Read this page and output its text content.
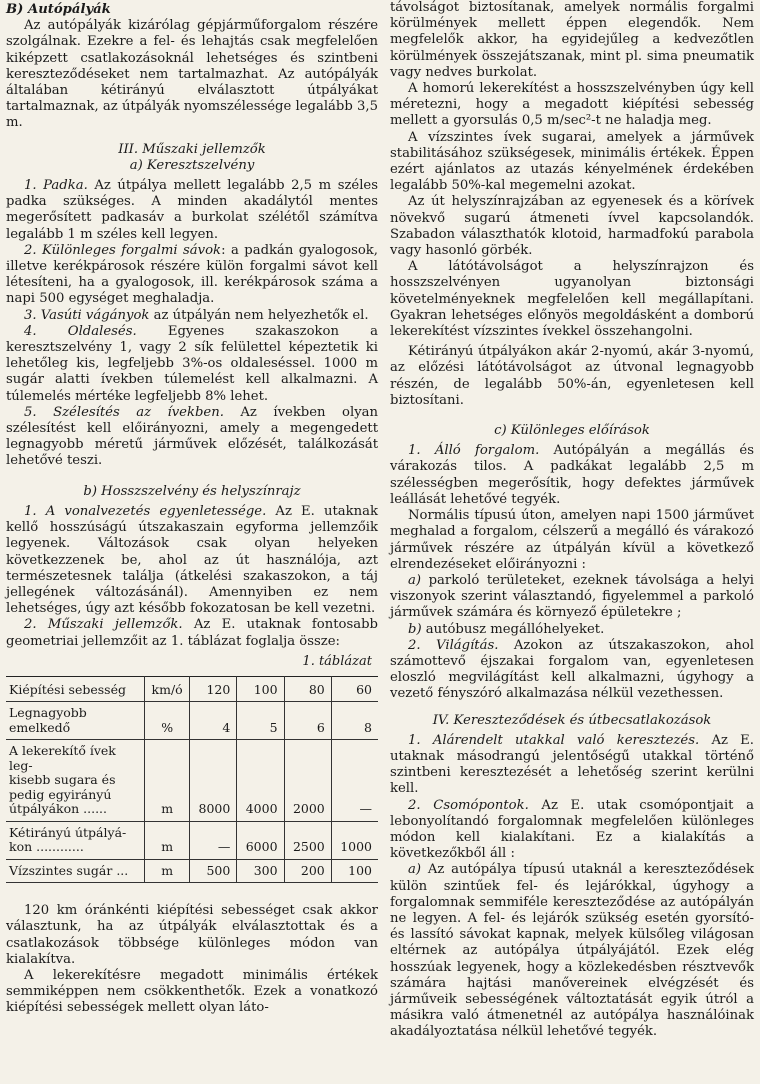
B) Autópályák

Az autópályák kizárólag gépjárműforgalom részére szolgálnak. Ezekre a fel- és lehajtás csak megfelelően kiképzett csatlakozásoknál lehetséges és szintbeni kereszteződéseket nem tartalmazhat. Az autópályák általában kétirányú elválasztott útpályákat tartalmaznak, az útpályák nyomszélessége legalább 3,5 m.

III. Műszaki jellemzők

a) Keresztszelvény

1. Padka. Az útpálya mellett legalább 2,5 m széles padka szükséges. A minden akadálytól mentes megerősített padkasáv a burkolat szélétől számítva legalább 1 m széles kell legyen.

2. Különleges forgalmi sávok: a padkán gyalogosok, illetve kerékpárosok részére külön forgalmi sávot kell létesíteni, ha a gyalogosok, ill. kerékpárosok száma a napi 500 egységet meghaladja.

3. Vasúti vágányok az útpályán nem helyezhetők el.

4. Oldalesés. Egyenes szakaszokon a keresztszelvény 1, vagy 2 sík felülettel képeztetik ki lehetőleg kis, legfeljebb 3%-os oldaleséssel. 1000 m sugár alatti ívekben túlemelést kell alkalmazni. A túlemelés mértéke legfeljebb 8% lehet.

5. Szélesítés az ívekben. Az ívekben olyan szélesítést kell előirányozni, amely a megengedett legnagyobb méretű járművek előzését, találkozását lehetővé teszi.

b) Hosszszelvény és helyszínrajz

1. A vonalvezetés egyenletessége. Az E. utaknak kellő hosszúságú útszakaszain egyforma jellemzőik legyenek. Változások csak olyan helyeken következzenek be, ahol az út használója, azt természetesnek találja (átkelési szakaszokon, a táj jellegének változásánál). Amennyiben ez nem lehetséges, úgy azt később fokozatosan be kell vezetni.

2. Műszaki jellemzők. Az E. utaknak fontosabb geometriai jellemzőit az 1. táblázat foglalja össze:

1. táblázat

Kiépítési sebesség	km/ó	120	100	80	60

Legnagyobb
emelkedő	%	4	5	6	8

A lekerekítő ívek leg-
kisebb sugara és
pedig egyirányú
útpályákon ......	m	8000	4000	2000	—

Kétirányú útpályá-
kon ............	m	—	6000	2500	1000

Vízszintes sugár ...	m	500	300	200	100

120 km óránkénti kiépítési sebességet csak akkor választunk, ha az útpályák elválasztottak és a csatlakozások többsége különleges módon van kialakítva.

A lekerekítésre megadott minimális értékek semmiképpen nem csökkenthetők. Ezek a vonatkozó kiépítési sebességek mellett olyan láto-

távolságot biztosítanak, amelyek normális forgalmi körülmények mellett éppen elegendők. Nem megfelelők akkor, ha egyidejűleg a kedvezőtlen körülmények összejátszanak, mint pl. sima pneumatik vagy nedves burkolat.

A homorú lekerekítést a hosszszelvényben úgy kell méretezni, hogy a megadott kiépítési sebesség mellett a gyorsulás 0,5 m/sec²-t ne haladja meg.

A vízszintes ívek sugarai, amelyek a járművek stabilitásához szükségesek, minimális értékek. Éppen ezért ajánlatos az utazás kényelmének érdekében legalább 50%-kal megemelni azokat.

Az út helyszínrajzában az egyenesek és a körívek növekvő sugarú átmeneti ívvel kapcsolandók. Szabadon választhatók klotoid, harmadfokú parabola vagy hasonló görbék.

A látótávolságot a helyszínrajzon és hosszszelvényen ugyanolyan biztonsági követelményeknek megfelelően kell megállapítani. Gyakran lehetséges előnyös megoldásként a domború lekerekítést vízszintes ívekkel összehangolni.

Kétirányú útpályákon akár 2-nyomú, akár 3-nyomú, az előzési látótávolságot az útvonal legnagyobb részén, de legalább 50%-án, egyenletesen kell biztosítani.

c) Különleges előírások

1. Álló forgalom. Autópályán a megállás és várakozás tilos. A padkákat legalább 2,5 m szélességben megerősítik, hogy defektes járművek leállását lehetővé tegyék.

Normális típusú úton, amelyen napi 1500 járművet meghalad a forgalom, célszerű a megálló és várakozó járművek részére az útpályán kívül a következő elrendezéseket előirányozni :

a) parkoló területeket, ezeknek távolsága a helyi viszonyok szerint választandó, figyelemmel a parkoló járművek számára és környező épületekre ;

b) autóbusz megállóhelyeket.

2. Világítás. Azokon az útszakaszokon, ahol számottevő éjszakai forgalom van, egyenletesen eloszló megvilágítást kell alkalmazni, úgyhogy a vezető fényszóró alkalmazása nélkül vezethessen.

IV. Kereszteződések és útbecsatlakozások

1. Alárendelt utakkal való keresztezés. Az E. utaknak másodrangú jelentőségű utakkal történő szintbeni keresztezését a lehetőség szerint kerülni kell.

2. Csomópontok. Az E. utak csomópontjait a lebonyolítandó forgalomnak megfelelően különleges módon kell kialakítani. Ez a kialakítás a következőkből áll :

a) Az autópálya típusú utaknál a kereszteződések külön szintűek fel- és lejárókkal, úgyhogy a forgalomnak semmiféle kereszteződése az autópályán ne legyen. A fel- és lejárók szükség esetén gyorsító- és lassító sávokat kapnak, melyek külsőleg világosan eltérnek az autópálya útpályájától. Ezek elég hosszúak legyenek, hogy a közlekedésben résztvevők számára hajtási manővereinek elvégzését és járműveik sebességének változtatását egyik útról a másikra való átmenetnél az autópálya használóinak akadályoztatása nélkül lehetővé tegyék.
